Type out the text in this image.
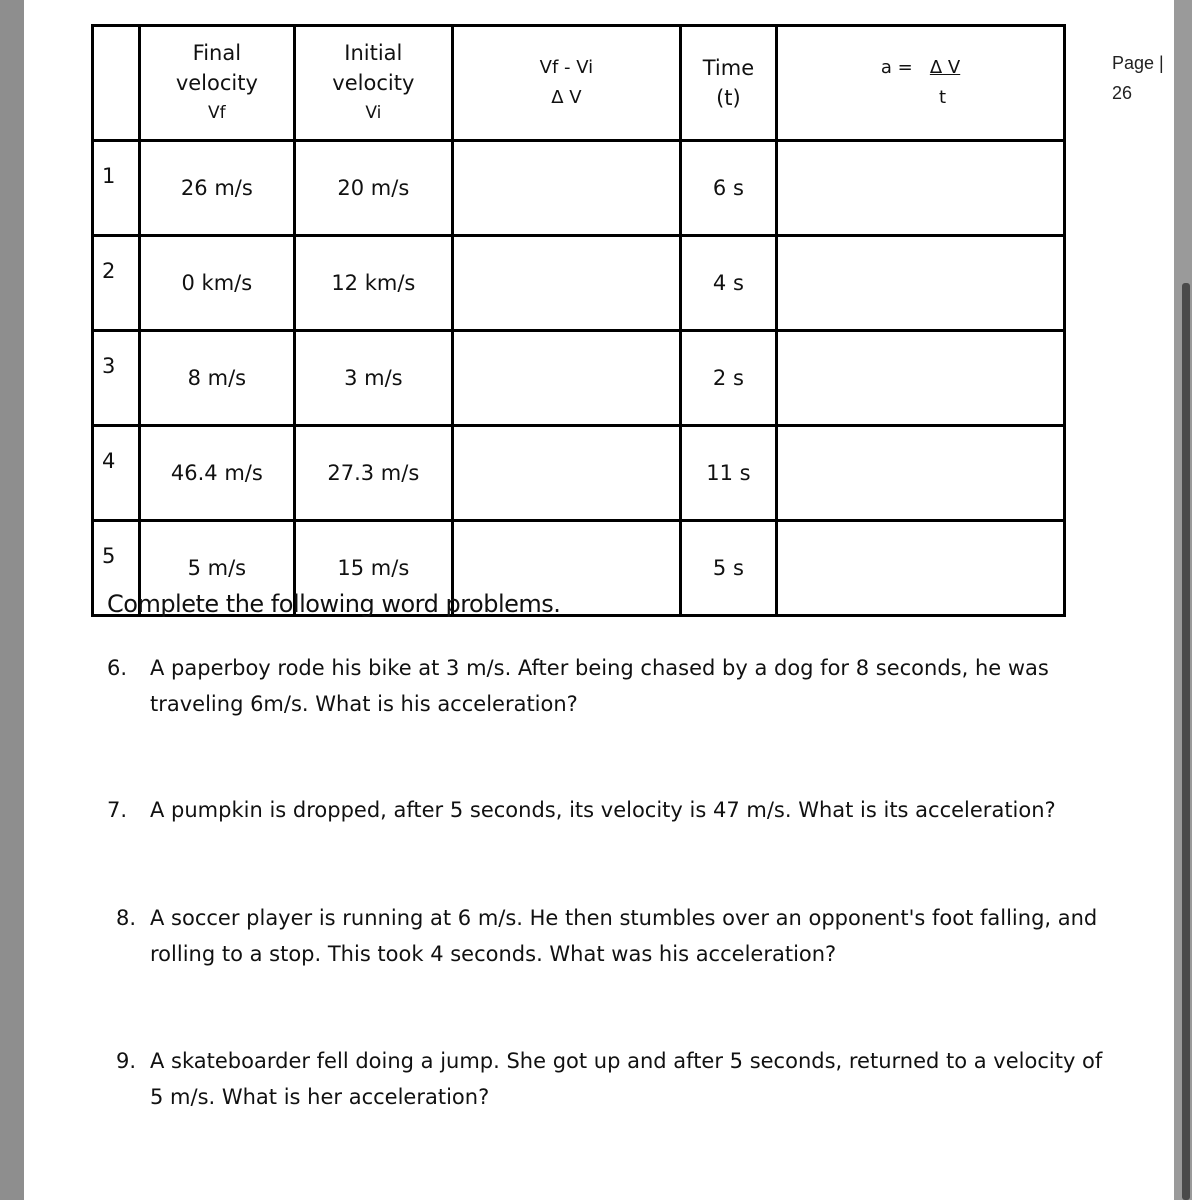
Page |
26

	Final
velocity
Vf	Initial
velocity
Vi	Vf - Vi
Δ V	Time
(t)	a = Δ V
t

1	26 m/s	20 m/s		6 s	
2	0 km/s	12 km/s		4 s	
3	8 m/s	3 m/s		2 s	
4	46.4 m/s	27.3 m/s		11 s	
5	5 m/s	15 m/s		5 s	
Complete the following word problems.
6.	A paperboy rode his bike at 3 m/s. After being chased by a dog for 8 seconds, he was traveling 6m/s. What is his acceleration?
7.	A pumpkin is dropped, after 5 seconds, its velocity is 47 m/s. What is its acceleration?
8. A soccer player is running at 6 m/s. He then stumbles over an opponent's foot falling, and rolling to a stop. This took 4 seconds. What was his acceleration?
9. A skateboarder fell doing a jump. She got up and after 5 seconds, returned to a velocity of 5 m/s. What is her acceleration?
